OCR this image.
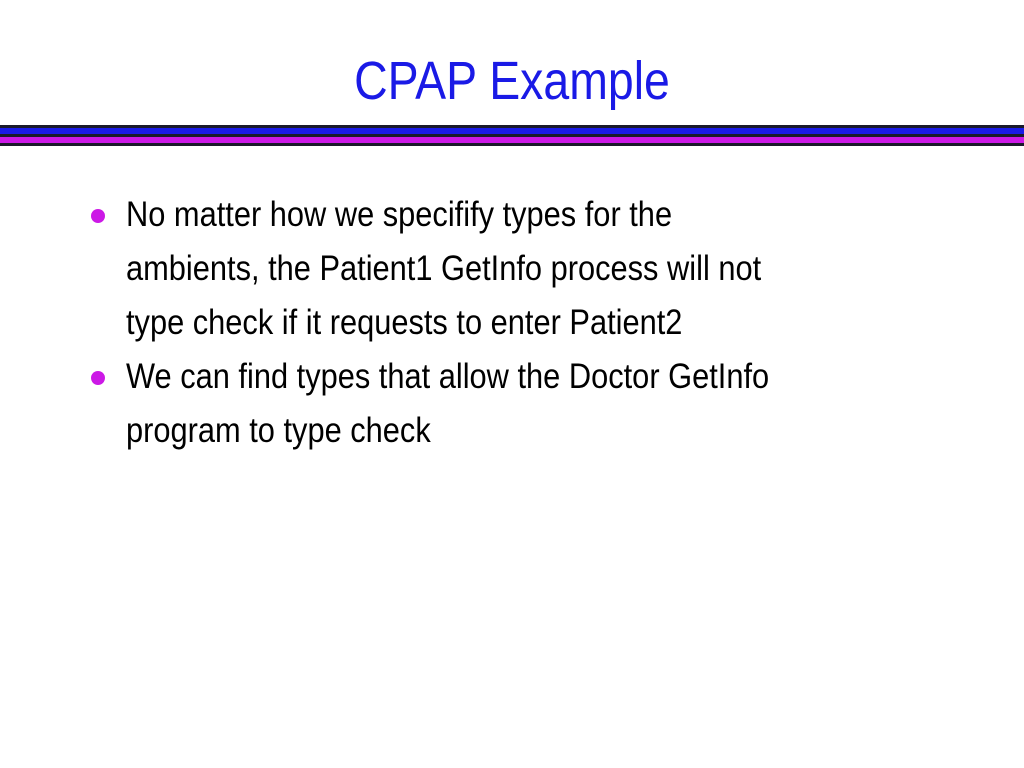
CPAP Example
No matter how we specifify types for the
ambients, the Patient1 GetInfo process will not
type check if it requests to enter Patient2
We can find types that allow the Doctor GetInfo
program to type check
